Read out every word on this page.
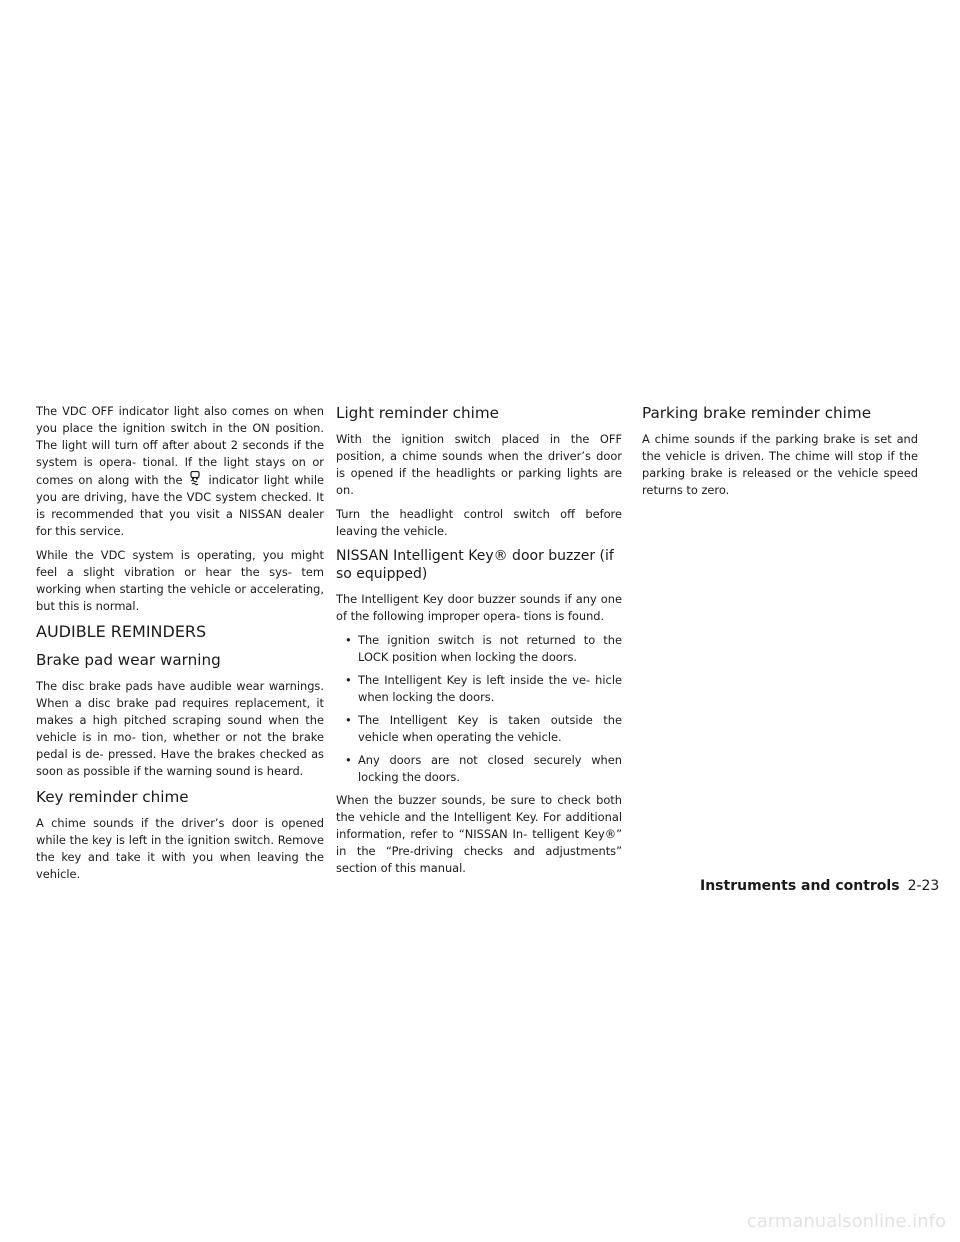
The VDC OFF indicator light also comes on when you place the ignition switch in the ON position. The light will turn off after about 2 seconds if the system is opera- tional. If the light stays on or comes on along with the indicator light while you are driving, have the VDC system checked. It is recommended that you visit a NISSAN dealer for this service.

While the VDC system is operating, you might feel a slight vibration or hear the sys- tem working when starting the vehicle or accelerating, but this is normal.

AUDIBLE REMINDERS
Brake pad wear warning

The disc brake pads have audible wear warnings. When a disc brake pad requires replacement, it makes a high pitched scraping sound when the vehicle is in mo- tion, whether or not the brake pedal is de- pressed. Have the brakes checked as soon as possible if the warning sound is heard.

Key reminder chime

A chime sounds if the driver’s door is opened while the key is left in the ignition switch. Remove the key and take it with you when leaving the vehicle.

Light reminder chime

With the ignition switch placed in the OFF position, a chime sounds when the driver’s door is opened if the headlights or parking lights are on.

Turn the headlight control switch off before leaving the vehicle.

NISSAN Intelligent Key® door buzzer (if so equipped)

The Intelligent Key door buzzer sounds if any one of the following improper opera- tions is found.

• The ignition switch is not returned to the LOCK position when locking the doors.
• The Intelligent Key is left inside the ve- hicle when locking the doors.
• The Intelligent Key is taken outside the vehicle when operating the vehicle.
• Any doors are not closed securely when locking the doors.

When the buzzer sounds, be sure to check both the vehicle and the Intelligent Key. For additional information, refer to “NISSAN In- telligent Key®” in the “Pre-driving checks and adjustments” section of this manual.

Parking brake reminder chime

A chime sounds if the parking brake is set and the vehicle is driven. The chime will stop if the parking brake is released or the vehicle speed returns to zero.

Instruments and controls 2-23
carmanualsonline.info
